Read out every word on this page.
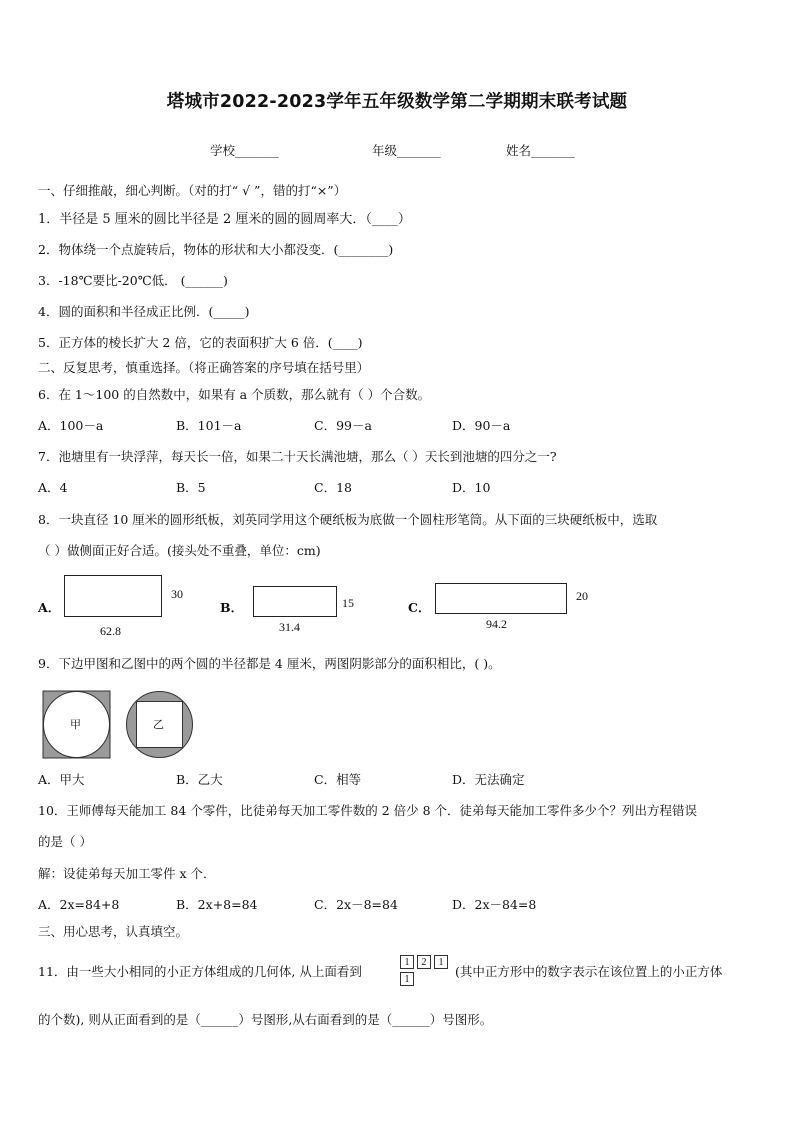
塔城市2022-2023学年五年级数学第二学期期末联考试题
学校_______	年级_______	姓名_______
一、仔细推敲，细心判断。（对的打“ √ ”，错的打“×”）
1．半径是 5 厘米的圆比半径是 2 厘米的圆的圆周率大．（____）
2．物体绕一个点旋转后，物体的形状和大小都没变．(________)
3．-18℃要比-20℃低． (______)
4．圆的面积和半径成正比例．(_____)
5．正方体的棱长扩大 2 倍，它的表面积扩大 6 倍．(____)
二、反复思考，慎重选择。（将正确答案的序号填在括号里）
6．在 1～100 的自然数中，如果有 a 个质数，那么就有（ ）个合数。
A．100－a	B．101－a	C．99－a	D．90－a
7．池塘里有一块浮萍，每天长一倍，如果二十天长满池塘，那么（ ）天长到池塘的四分之一?
A．4	B．5	C．18	D．10
8．一块直径 10 厘米的圆形纸板，刘英同学用这个硬纸板为底做一个圆柱形笔筒。从下面的三块硬纸板中，选取
（ ）做侧面正好合适。(接头处不重叠，单位：cm)
A．
30
62.8
B．	15
31.4
C．
20
94.2
9．下边甲图和乙图中的两个圆的半径都是 4 厘米，两图阴影部分的面积相比，( )。
甲	乙
A．甲大	B．乙大	C．相等	D．无法确定
10．王师傅每天能加工 84 个零件，比徒弟每天加工零件数的 2 倍少 8 个．徒弟每天能加工零件多少个？列出方程错误
的是（ ）
解：设徒弟每天加工零件 x 个．
A．2x=84+8	B．2x+8=84	C．2x－8=84	D．2x－84=8
三、用心思考，认真填空。
11．由一些大小相同的小正方体组成的几何体, 从上面看到
1	2	1
1
(其中正方形中的数字表示在该位置上的小正方体
的个数), 则从正面看到的是（______）号图形,从右面看到的是（______）号图形。
